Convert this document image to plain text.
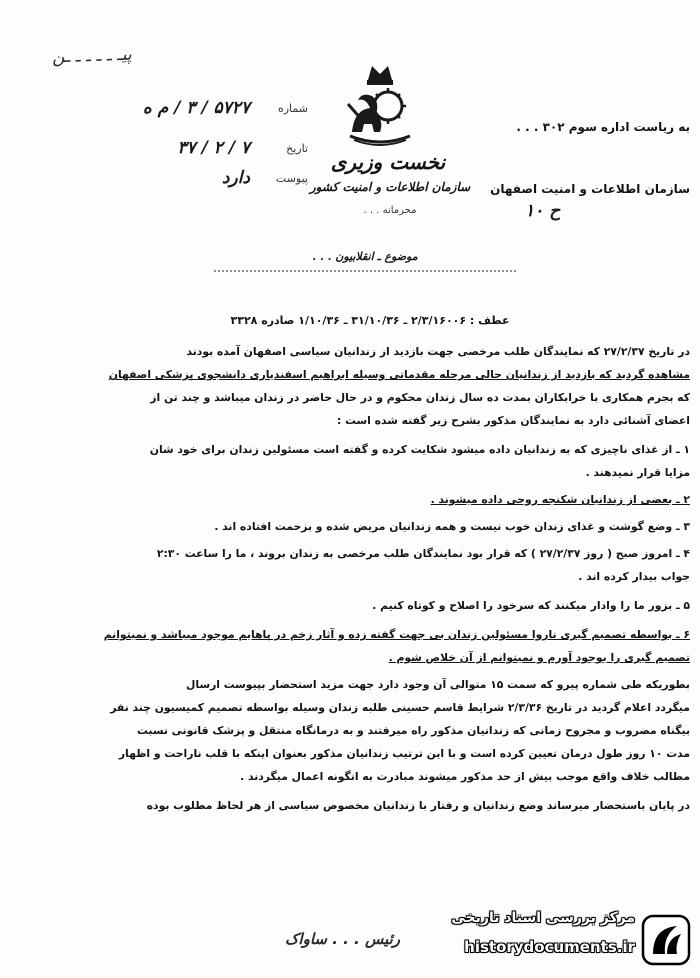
پیـ ـ ـ ـ ـ ـن
شماره
۵۷۲۷ / ۳ / م ه
تاریخ
۷ / ۲ / ۳۷
پیوست
دارد
نخست وزیری
سازمان اطلاعات و امنیت کشور
محرمانه . . .
به ریاست اداره سوم ۳۰۲ . . .
سازمان اطلاعات و امنیت اصفهان
۱۰ ح
موضوع ـ انقلابیون . . .
عطف : ۲/۳/۱۶۰۰۶ ـ ۳۱/۱۰/۳۶ ـ ۱/۱۰/۳۶ صادره ۳۳۲۸
در تاریخ ۲۷/۲/۳۷ که نمایندگان طلب مرخصی جهت بازدید از زندانیان سیاسی اصفهان آمده بودند
مشاهده گردید که بازدید از زندانیان حالی مرحله مقدماتی وسیله ابراهیم اسفندیاری دانشجوی پزشکی اصفهان
که بجرم همکاری با خرابکاران بمدت ده سال زندان محکوم و در حال حاضر در زندان میباشد و چند تن از
اعضای آشنائی دارد به نمایندگان مذکور بشرح زیر گفته شده است :
۱ ـ از غذای ناچیزی که به زندانیان داده میشود شکایت کرده و گفته است مسئولین زندان برای خود شان
مزایا قرار نمیدهند .
۲ ـ بعضی از زندانیان شکنجه روحی داده میشوند .
۳ ـ وضع گوشت و غذای زندان خوب نیست و همه زندانیان مریض شده و بزحمت افتاده اند .
۴ ـ امروز صبح ( روز ۲۷/۲/۳۷ ) که قرار بود نمایندگان طلب مرخصی به زندان بروند ، ما را ساعت ۲:۳۰
جواب بیدار کرده اند .
۵ ـ بزور ما را وادار میکنند که سرخود را اصلاح و کوتاه کنیم .
۶ ـ بواسطه تصمیم گیری ناروا مسئولین زندان بی جهت گفته زده و آثار زخم در پاهایم موجود میباشد و نمیتوانم
تصمیم گیری را بوجود آورم و نمیتوانم از آن خلاص شوم .
بطوریکه طی شماره پیرو که سمت ۱۵ متوالی آن وجود دارد جهت مزید استحضار بپیوست ارسال
میگردد اعلام گردید در تاریخ ۲/۳/۳۶ شرایط قاسم حسینی طلبه زندان وسیله بواسطه تصمیم کمیسیون چند نفر
بیگناه مضروب و مجروح زمانی که زندانیان مذکور راه میرفتند و به درمانگاه منتقل و پزشک قانونی نسبت
مدت ۱۰ روز طول درمان تعیین کرده است و با این ترتیب زندانیان مذکور بعنوان اینکه با قلب ناراحت و اظهار
مطالب خلاف واقع موجب بیش از حد مذکور میشوند مبادرت به انگونه اعمال میگردند .
در پایان باستحضار میرساند وضع زندانیان و رفتار با زندانیان مخصوص سیاسی از هر لحاظ مطلوب بوده
رئیس . . . ساواک
مرکز بررسی اسناد تاریخی
historydocuments.ir
